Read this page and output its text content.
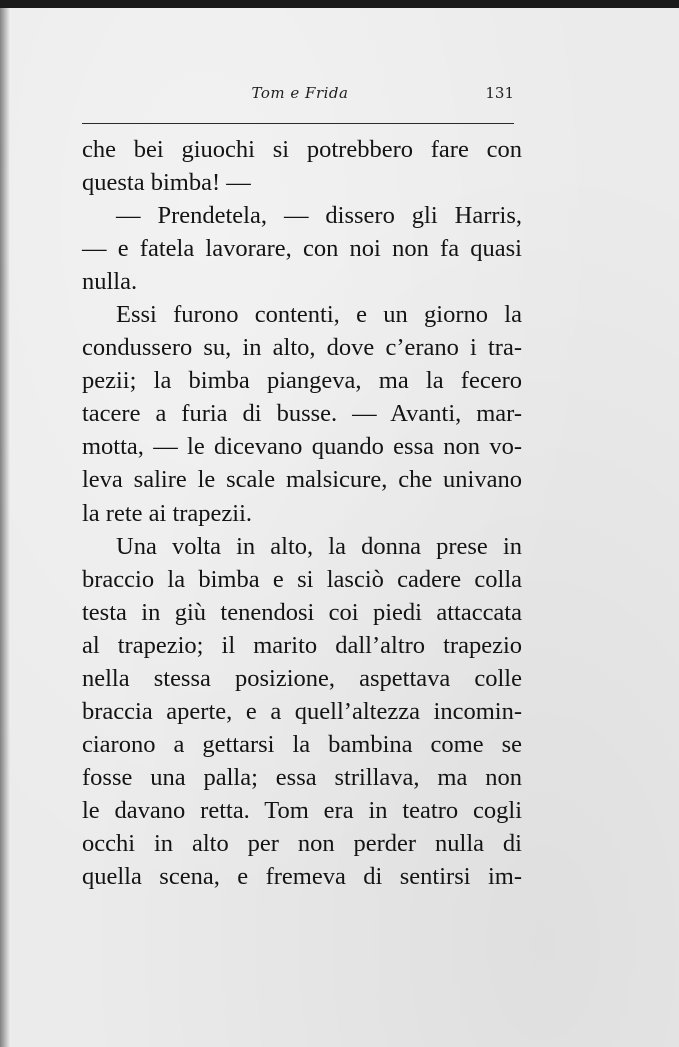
Tom e Frida	131
che bei giuochi si potrebbero fare con
questa bimba! —
— Prendetela, — dissero gli Harris,
— e fatela lavorare, con noi non fa quasi
nulla.
Essi furono contenti, e un giorno la
condussero su, in alto, dove c’erano i tra-
pezii; la bimba piangeva, ma la fecero
tacere a furia di busse. — Avanti, mar-
motta, — le dicevano quando essa non vo-
leva salire le scale malsicure, che univano
la rete ai trapezii.
Una volta in alto, la donna prese in
braccio la bimba e si lasciò cadere colla
testa in giù tenendosi coi piedi attaccata
al trapezio; il marito dall’altro trapezio
nella stessa posizione, aspettava colle
braccia aperte, e a quell’altezza incomin-
ciarono a gettarsi la bambina come se
fosse una palla; essa strillava, ma non
le davano retta. Tom era in teatro cogli
occhi in alto per non perder nulla di
quella scena, e fremeva di sentirsi im-
